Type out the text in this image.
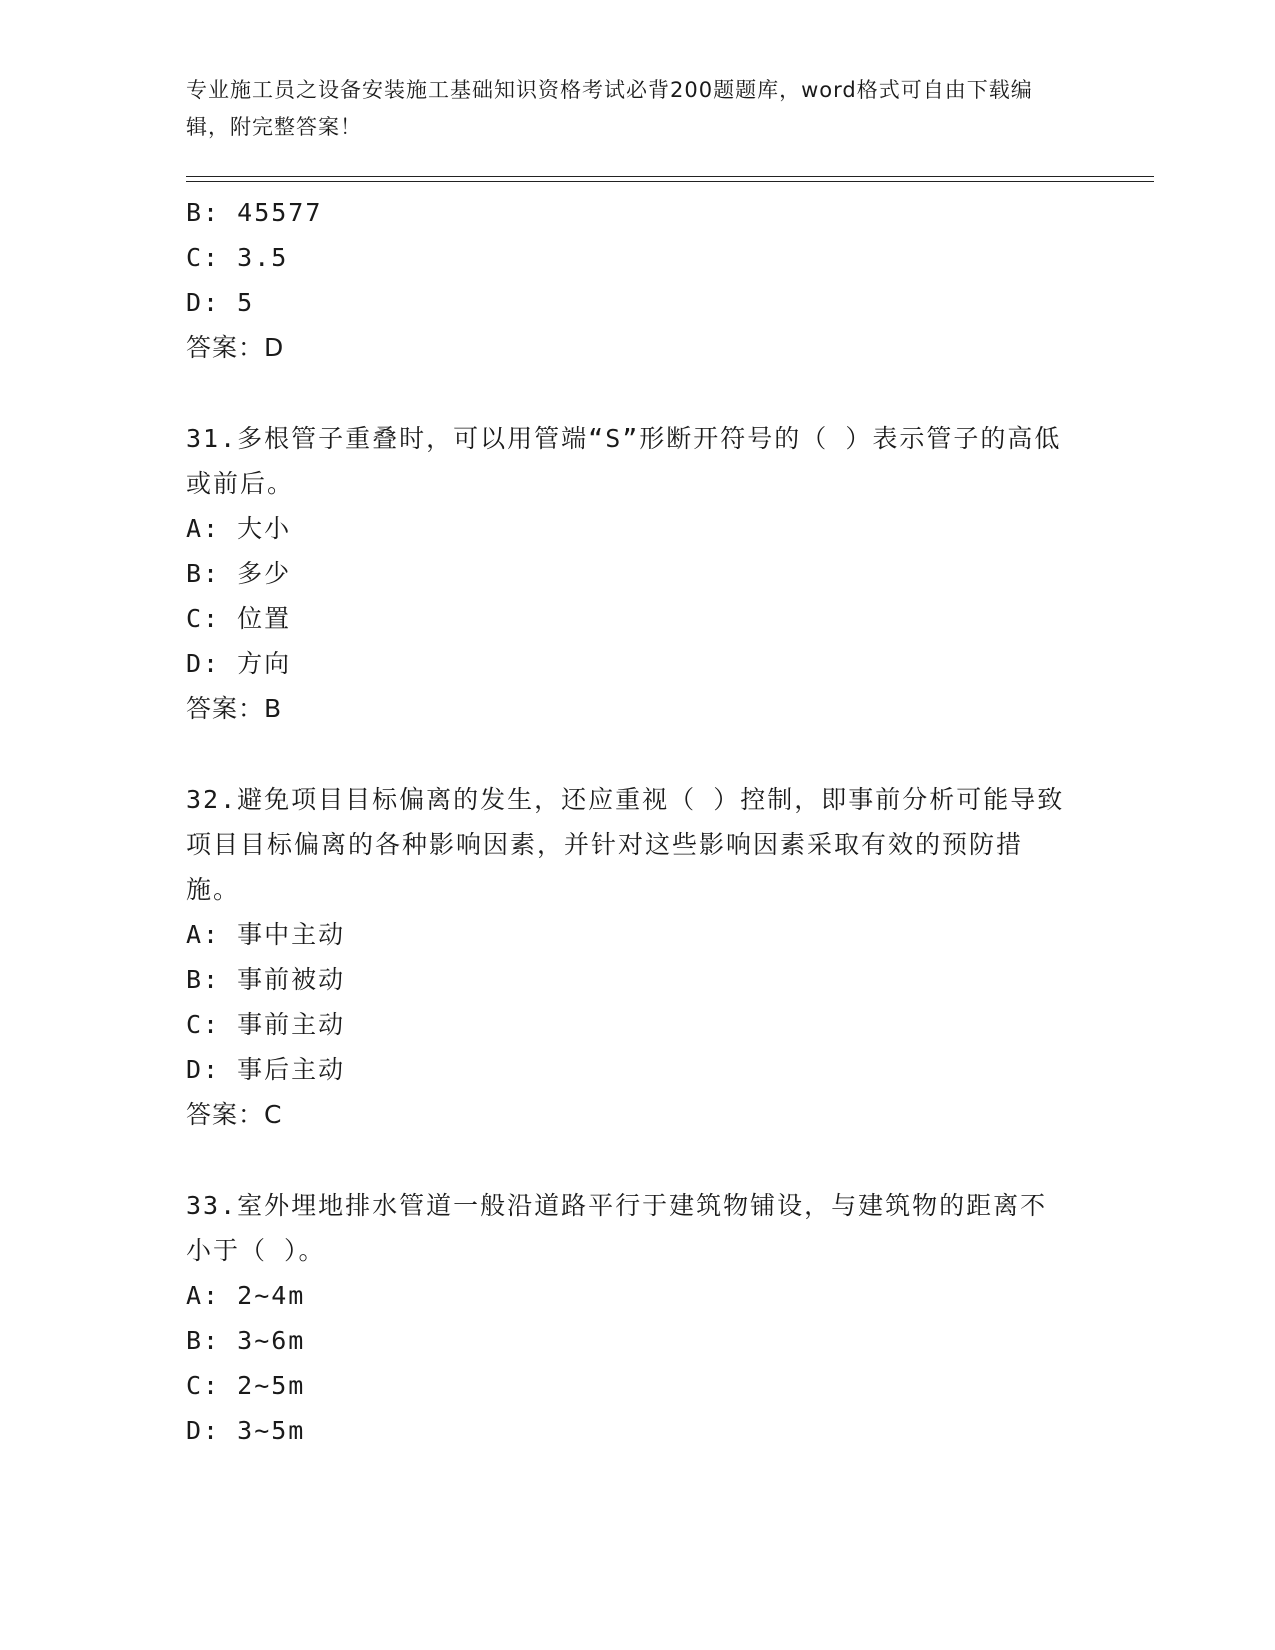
专业施工员之设备安装施工基础知识资格考试必背200题题库，word格式可自由下载编辑，附完整答案！
B: 45577
C: 3.5
D: 5
答案：D
31.多根管子重叠时，可以用管端“S”形断开符号的（ ）表示管子的高低或前后。
A: 大小
B: 多少
C: 位置
D: 方向
答案：B
32.避免项目目标偏离的发生，还应重视（ ）控制，即事前分析可能导致项目目标偏离的各种影响因素，并针对这些影响因素采取有效的预防措施。
A: 事中主动
B: 事前被动
C: 事前主动
D: 事后主动
答案：C
33.室外埋地排水管道一般沿道路平行于建筑物铺设，与建筑物的距离不小于（ ）。
A: 2~4m
B: 3~6m
C: 2~5m
D: 3~5m
